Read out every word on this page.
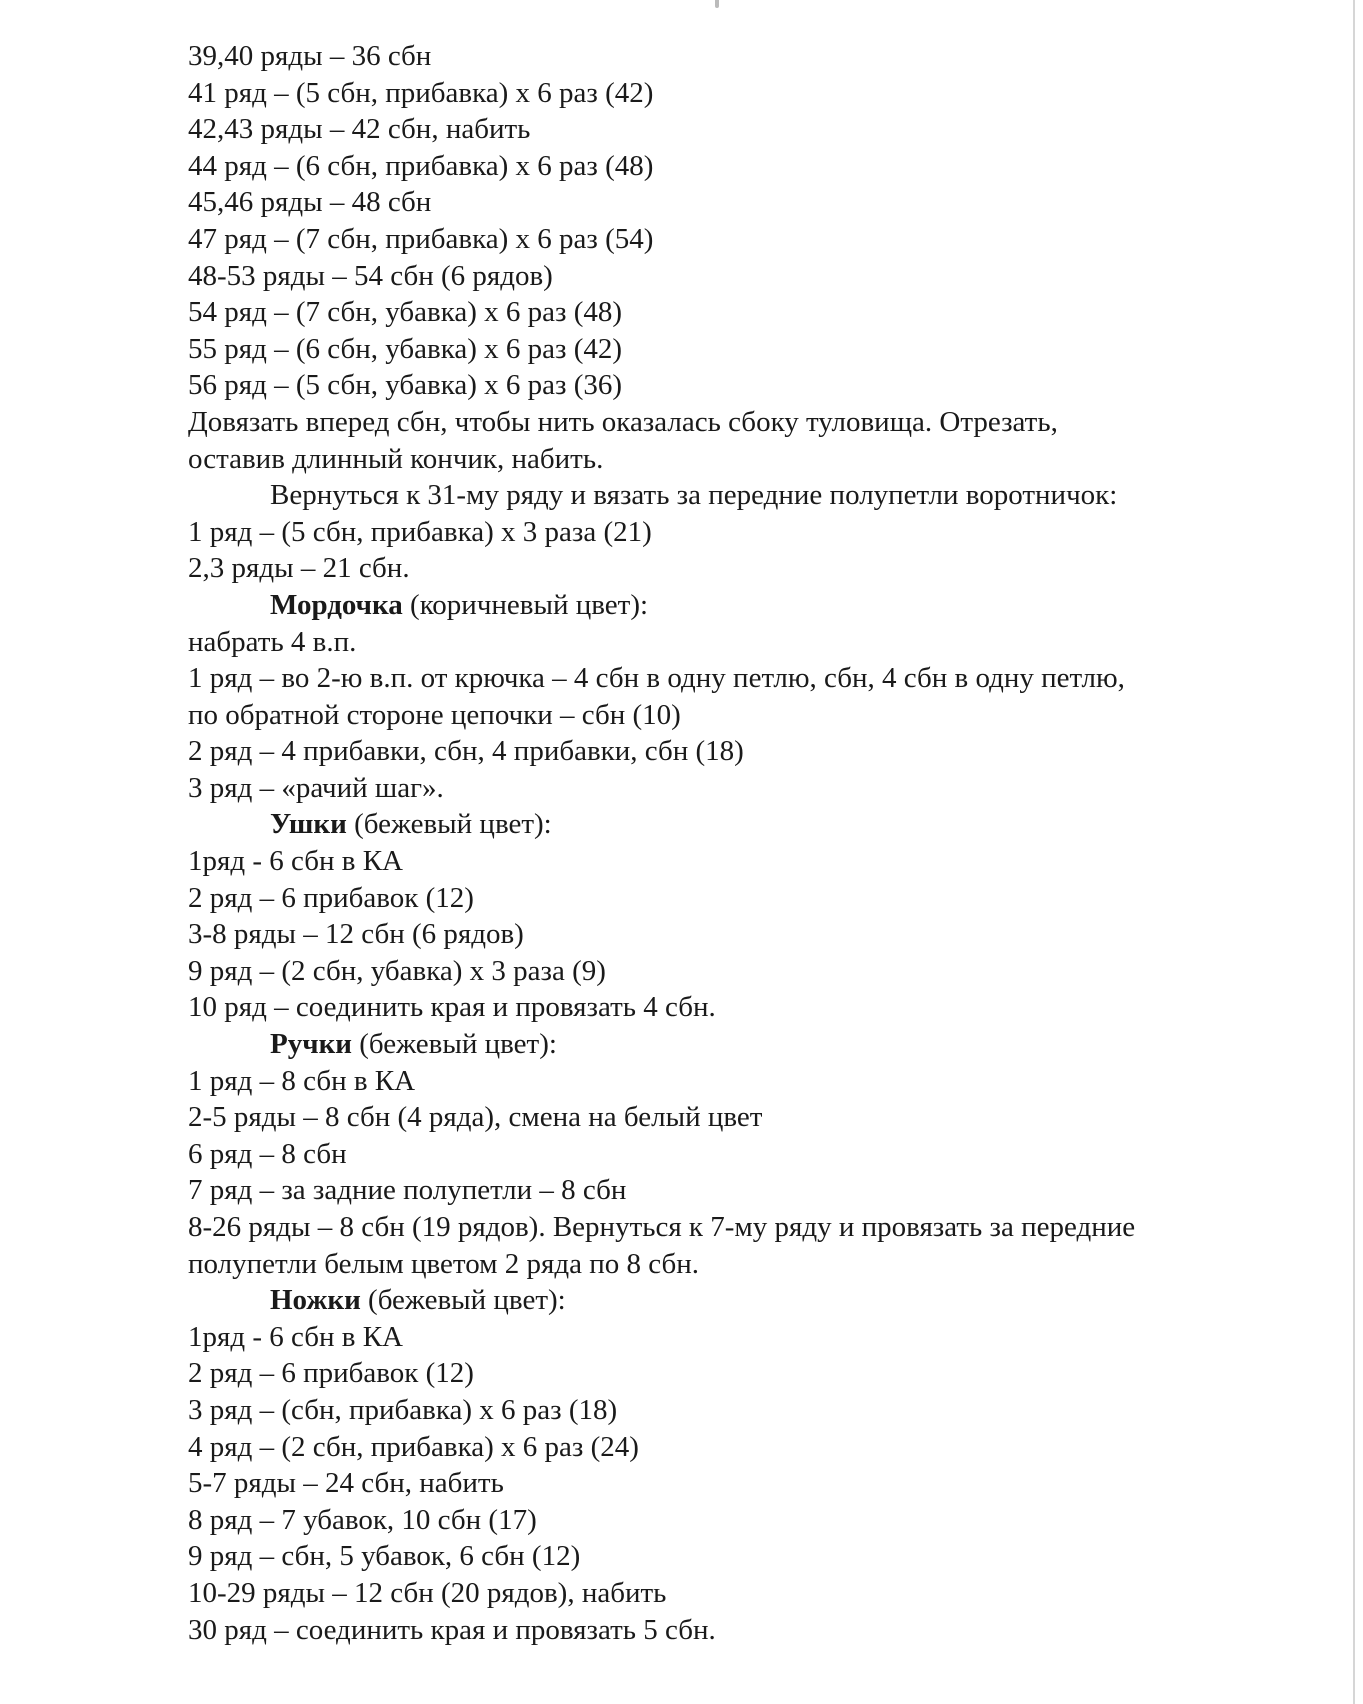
39,40 ряды – 36 сбн
41 ряд – (5 сбн, прибавка) х 6 раз (42)
42,43 ряды – 42 сбн, набить
44 ряд – (6 сбн, прибавка) х 6 раз (48)
45,46 ряды – 48 сбн
47 ряд – (7 сбн, прибавка) х 6 раз (54)
48-53 ряды – 54 сбн (6 рядов)
54 ряд – (7 сбн, убавка) х 6 раз (48)
55 ряд – (6 сбн, убавка) х 6 раз (42)
56 ряд – (5 сбн, убавка) х 6 раз (36)
Довязать вперед сбн, чтобы нить оказалась сбоку туловища. Отрезать,
оставив длинный кончик, набить.
Вернуться к 31-му ряду и вязать за передние полупетли воротничок:
1 ряд – (5 сбн, прибавка) х 3 раза (21)
2,3 ряды – 21 сбн.
Мордочка (коричневый цвет):
набрать 4 в.п.
1 ряд – во 2-ю в.п. от крючка – 4 сбн в одну петлю, сбн, 4 сбн в одну петлю,
по обратной стороне цепочки – сбн (10)
2 ряд – 4 прибавки, сбн, 4 прибавки, сбн (18)
3 ряд – «рачий шаг».
Ушки (бежевый цвет):
1ряд - 6 сбн в КА
2 ряд – 6 прибавок (12)
3-8 ряды – 12 сбн (6 рядов)
9 ряд – (2 сбн, убавка) х 3 раза (9)
10 ряд – соединить края и провязать 4 сбн.
Ручки (бежевый цвет):
1 ряд – 8 сбн в КА
2-5 ряды – 8 сбн (4 ряда), смена на белый цвет
6 ряд – 8 сбн
7 ряд – за задние полупетли – 8 сбн
8-26 ряды – 8 сбн (19 рядов). Вернуться к 7-му ряду и провязать за передние
полупетли белым цветом 2 ряда по 8 сбн.
Ножки (бежевый цвет):
1ряд - 6 сбн в КА
2 ряд – 6 прибавок (12)
3 ряд – (сбн, прибавка) х 6 раз (18)
4 ряд – (2 сбн, прибавка) х 6 раз (24)
5-7 ряды – 24 сбн, набить
8 ряд – 7 убавок, 10 сбн (17)
9 ряд – сбн, 5 убавок, 6 сбн (12)
10-29 ряды – 12 сбн (20 рядов), набить
30 ряд – соединить края и провязать 5 сбн.
